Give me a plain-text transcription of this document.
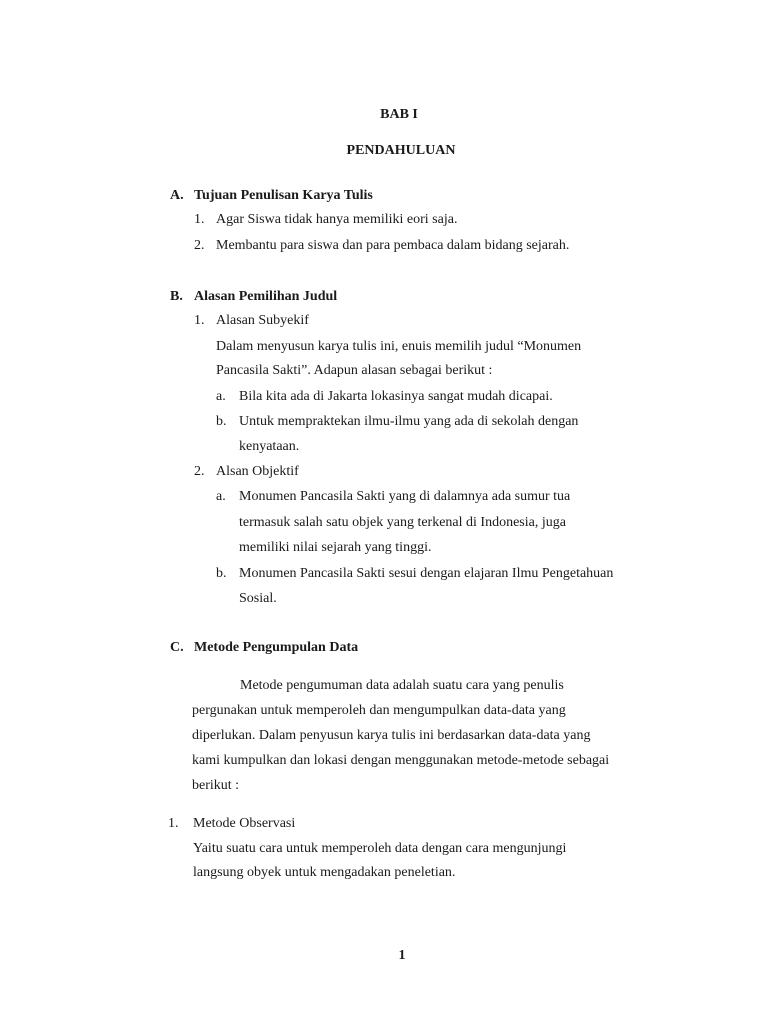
BAB I
PENDAHULUAN
A. Tujuan Penulisan Karya Tulis
1. Agar Siswa tidak hanya memiliki eori saja.
2. Membantu para siswa dan para pembaca dalam bidang sejarah.
B. Alasan Pemilihan Judul
1. Alasan Subyekif
Dalam menyusun karya tulis ini, enuis memilih judul “Monumen
Pancasila Sakti”. Adapun alasan sebagai berikut :
a. Bila kita ada di Jakarta lokasinya sangat mudah dicapai.
b. Untuk mempraktekan ilmu-ilmu yang ada di sekolah dengan
kenyataan.
2. Alsan Objektif
a. Monumen Pancasila Sakti yang di dalamnya ada sumur tua
termasuk salah satu objek yang terkenal di Indonesia, juga
memiliki nilai sejarah yang tinggi.
b. Monumen Pancasila Sakti sesui dengan elajaran Ilmu Pengetahuan
Sosial.
C. Metode Pengumpulan Data
Metode pengumuman data adalah suatu cara yang penulis
pergunakan untuk memperoleh dan mengumpulkan data-data yang
diperlukan. Dalam penyusun karya tulis ini berdasarkan data-data yang
kami kumpulkan dan lokasi dengan menggunakan metode-metode sebagai
berikut :
1. Metode Observasi
Yaitu suatu cara untuk memperoleh data dengan cara mengunjungi
langsung obyek untuk mengadakan peneletian.
1
